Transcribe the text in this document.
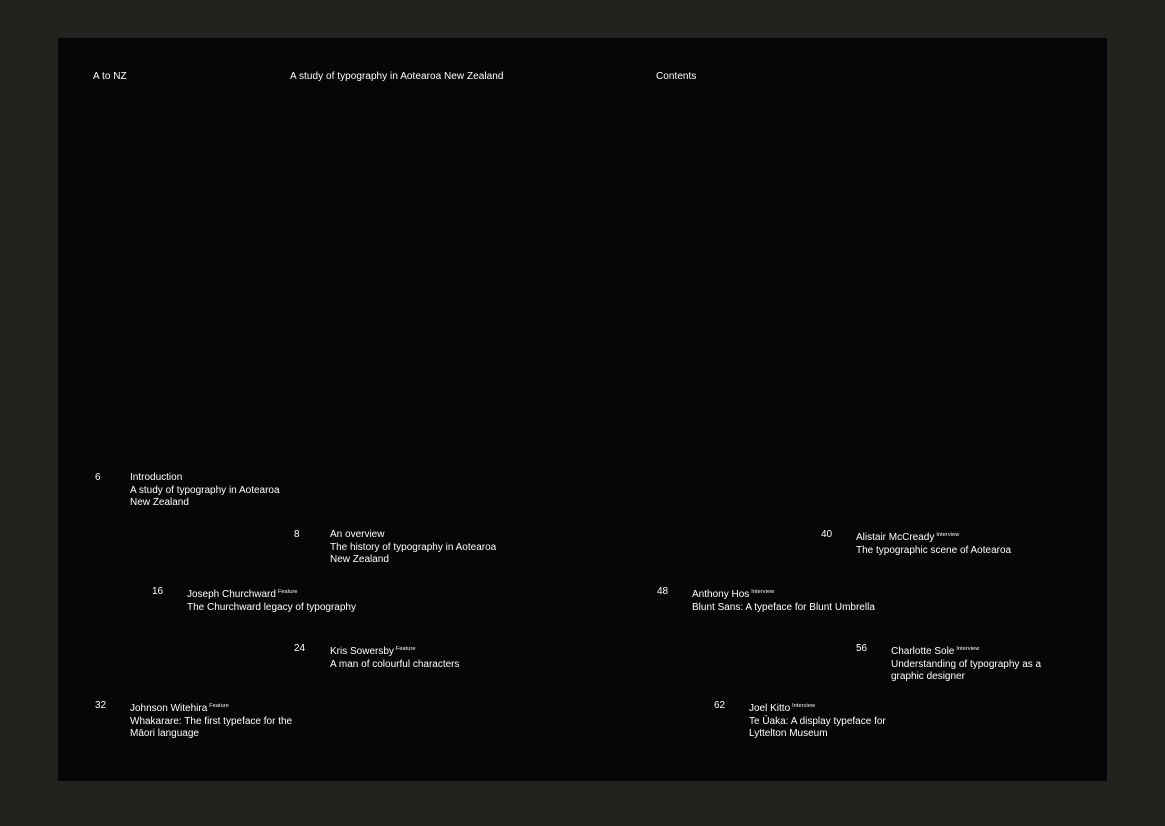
A to NZ	A study of typography in Aotearoa New Zealand	Contents
6	Introduction
A study of typography in Aotearoa
New Zealand
8	An overview
The history of typography in Aotearoa
New Zealand
16 Joseph Churchward $^{Feature}$
The Churchward legacy of typography
24 Kris Sowersby $^{Feature}$
A man of colourful characters
32 Johnson Witehira $^{Feature}$
Whakarare: The first typeface for the
Māori language
40 Alistair McCready $^{Interview}$
The typographic scene of Aotearoa
48 Anthony Hos $^{Interview}$
Blunt Sans: A typeface for Blunt Umbrella
56 Charlotte Sole $^{Interview}$
Understanding of typography as a
graphic designer
62 Joel Kitto $^{Interview}$
Te Ūaka: A display typeface for
Lyttelton Museum
